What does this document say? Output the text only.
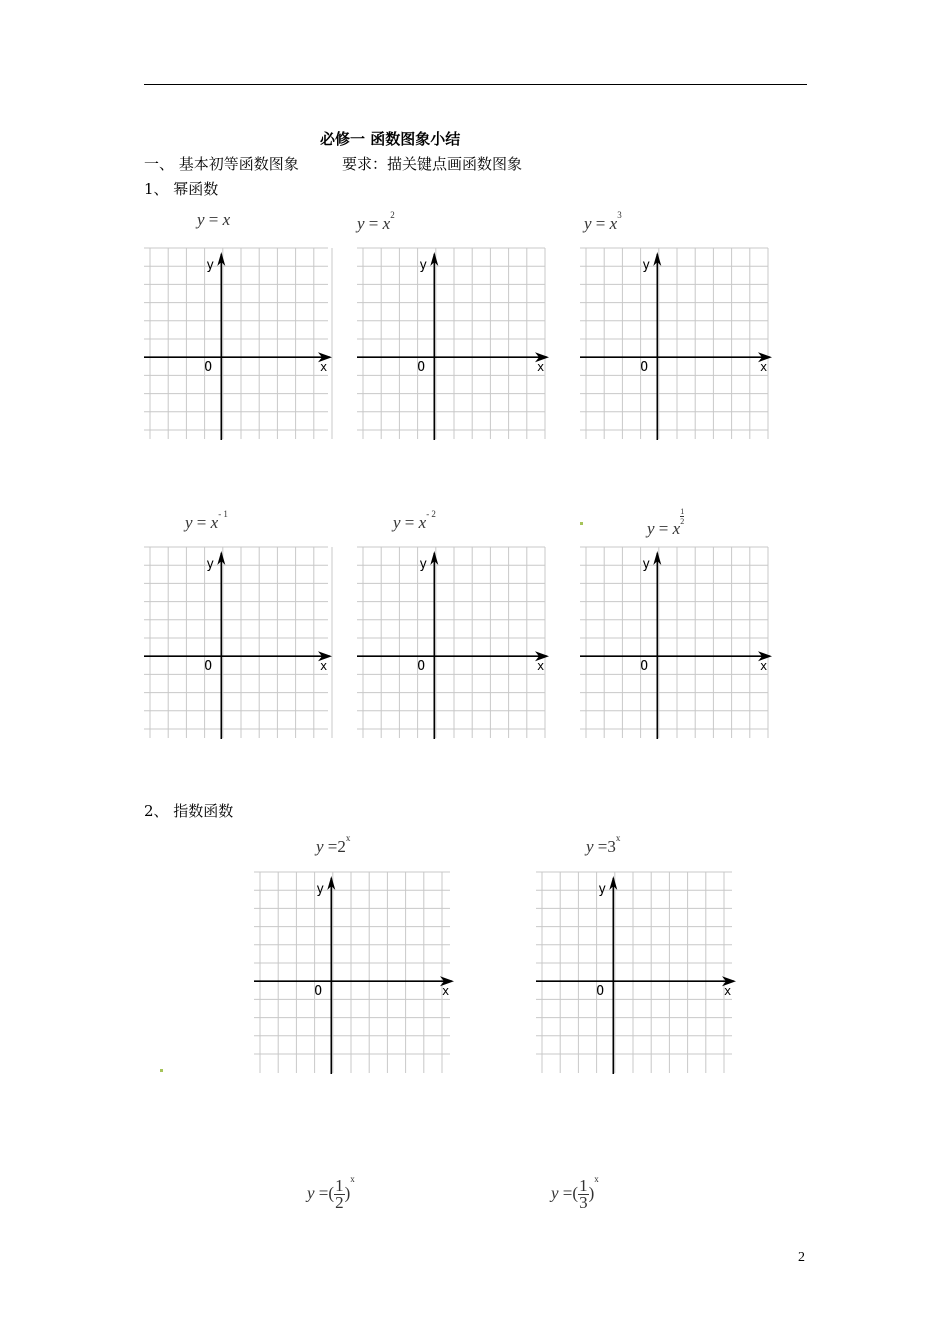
必修一 函数图象小结
一、 基本初等函数图象	要求：描关键点画函数图象
1、 幂函数
2、 指数函数
y = x	$y = x^2$	$y = x^3$
$y = x^{- 1}$	$y = x^{- 2}$
y = x
$\frac{1}{2}$
$y =2^x$	$y =3^x$
y =( $\frac{1}{2} )^x$
y =( $\frac{1}{3} )^x$
y
x
O
y
x
O
y
x
O
y
x
O
y
x
O
y
x
O
y
x
O
y
x
O
2
